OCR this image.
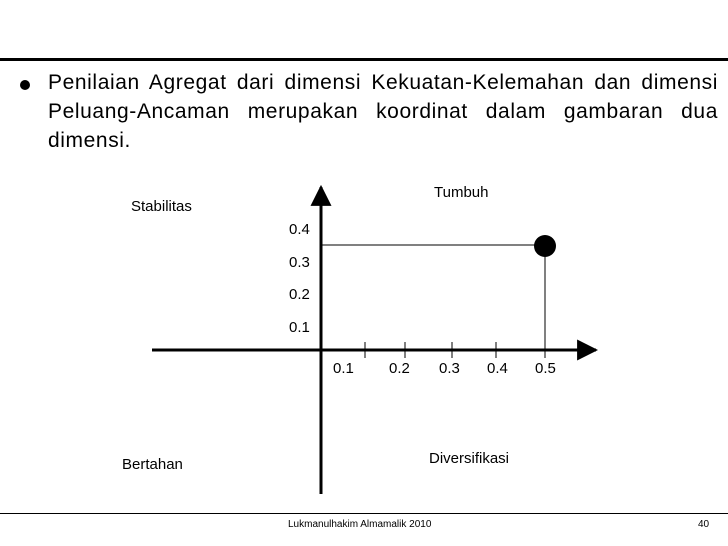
Penilaian Agregat dari dimensi Kekuatan-Kelemahan dan dimensi Peluang-Ancaman merupakan koordinat dalam gambaran dua dimensi.
Stabilitas
Tumbuh
Bertahan	Diversifikasi
0.4
0.3
0.2
0.1
0.1 0.2 0.3 0.4 0.5
Lukmanulhakim Almamalik 2010	40
